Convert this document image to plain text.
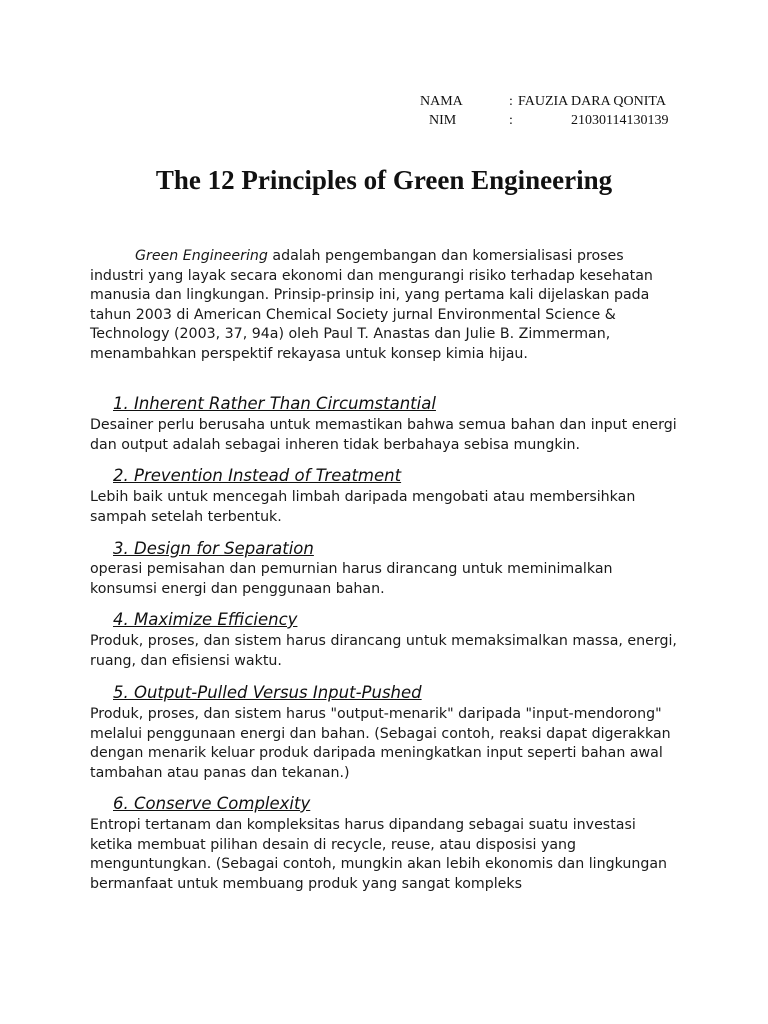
NAMA	: FAUZIA DARA QONITA
NIM	:	21030114130139
The 12 Principles of Green Engineering

Green Engineering adalah pengembangan dan komersialisasi proses industri yang layak secara ekonomi dan mengurangi risiko terhadap kesehatan manusia dan lingkungan. Prinsip-prinsip ini, yang pertama kali dijelaskan pada tahun 2003 di American Chemical Society jurnal Environmental Science & Technology (2003, 37, 94a) oleh Paul T. Anastas dan Julie B. Zimmerman, menambahkan perspektif rekayasa untuk konsep kimia hijau.

1. Inherent Rather Than Circumstantial

Desainer perlu berusaha untuk memastikan bahwa semua bahan dan input energi dan output adalah sebagai inheren tidak berbahaya sebisa mungkin.

2. Prevention Instead of Treatment

Lebih baik untuk mencegah limbah daripada mengobati atau membersihkan sampah setelah terbentuk.

3. Design for Separation

operasi pemisahan dan pemurnian harus dirancang untuk meminimalkan konsumsi energi dan penggunaan bahan.

4. Maximize Efficiency

Produk, proses, dan sistem harus dirancang untuk memaksimalkan massa, energi, ruang, dan efisiensi waktu.

5. Output-Pulled Versus Input-Pushed

Produk, proses, dan sistem harus "output-menarik" daripada "input-mendorong" melalui penggunaan energi dan bahan. (Sebagai contoh, reaksi dapat digerakkan dengan menarik keluar produk daripada meningkatkan input seperti bahan awal tambahan atau panas dan tekanan.)

6. Conserve Complexity

Entropi tertanam dan kompleksitas harus dipandang sebagai suatu investasi ketika membuat pilihan desain di recycle, reuse, atau disposisi yang menguntungkan. (Sebagai contoh, mungkin akan lebih ekonomis dan lingkungan bermanfaat untuk membuang produk yang sangat kompleks
